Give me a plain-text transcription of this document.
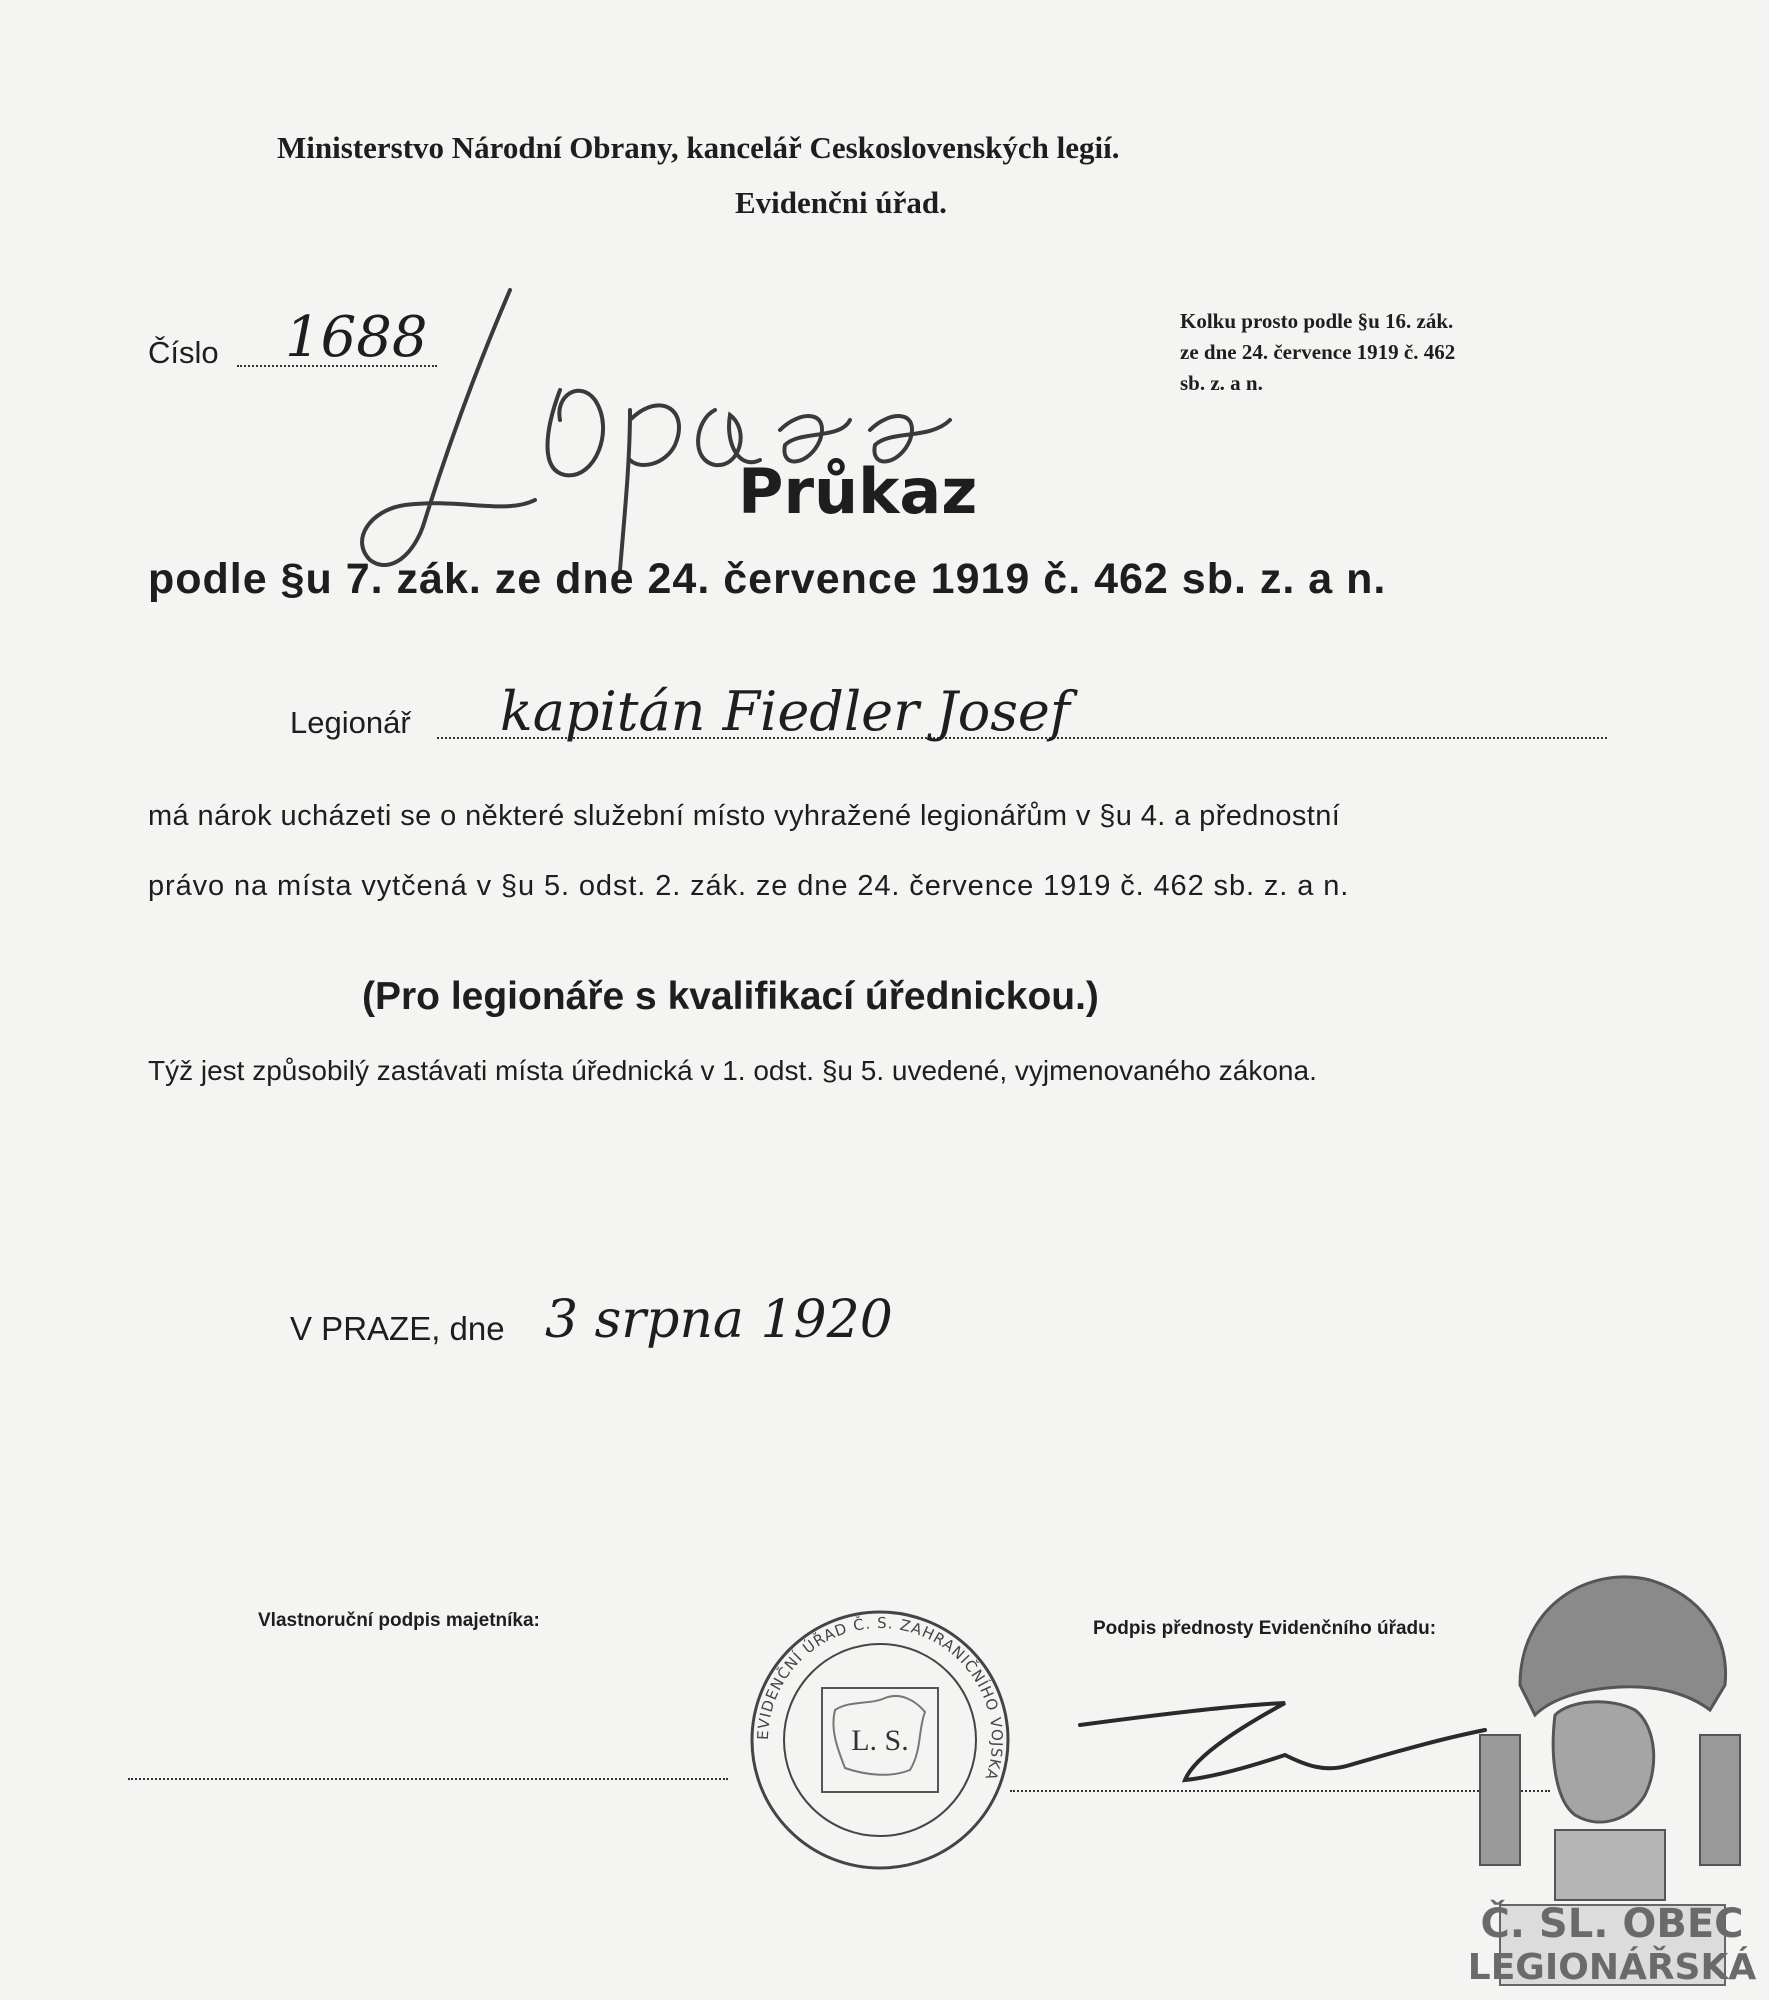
Ministerstvo Národní Obrany, kancelář Ceskoslovenských legií.
Evidenčni úřad.
Číslo 1688	Kolku prosto podle §u 16. zák.
ze dne 24. července 1919 č. 462
sb. z. a n.
Průkaz
podle §u 7. zák. ze dne 24. července 1919 č. 462 sb. z. a n.
Legionář kapitán Fiedler Josef
má nárok ucházeti se o některé služební místo vyhražené legionářům v §u 4. a přednostní
právo na místa vytčená v §u 5. odst. 2. zák. ze dne 24. července 1919 č. 462 sb. z. a n.
(Pro legionáře s kvalifikací úřednickou.)
Týž jest způsobilý zastávati místa úřednická v 1. odst. §u 5. uvedené, vyjmenovaného zákona.
V PRAZE, dne 3 srpna 1920
Vlastnoruční podpis majetníka:	Podpis přednosty Evidenčního úřadu:
L. S.
EVIDENČNÍ ÚŘAD Č. S. ZAHRANIČNÍHO VOJSKA
Č. SL. OBEC
LEGIONÁŘSKÁ
